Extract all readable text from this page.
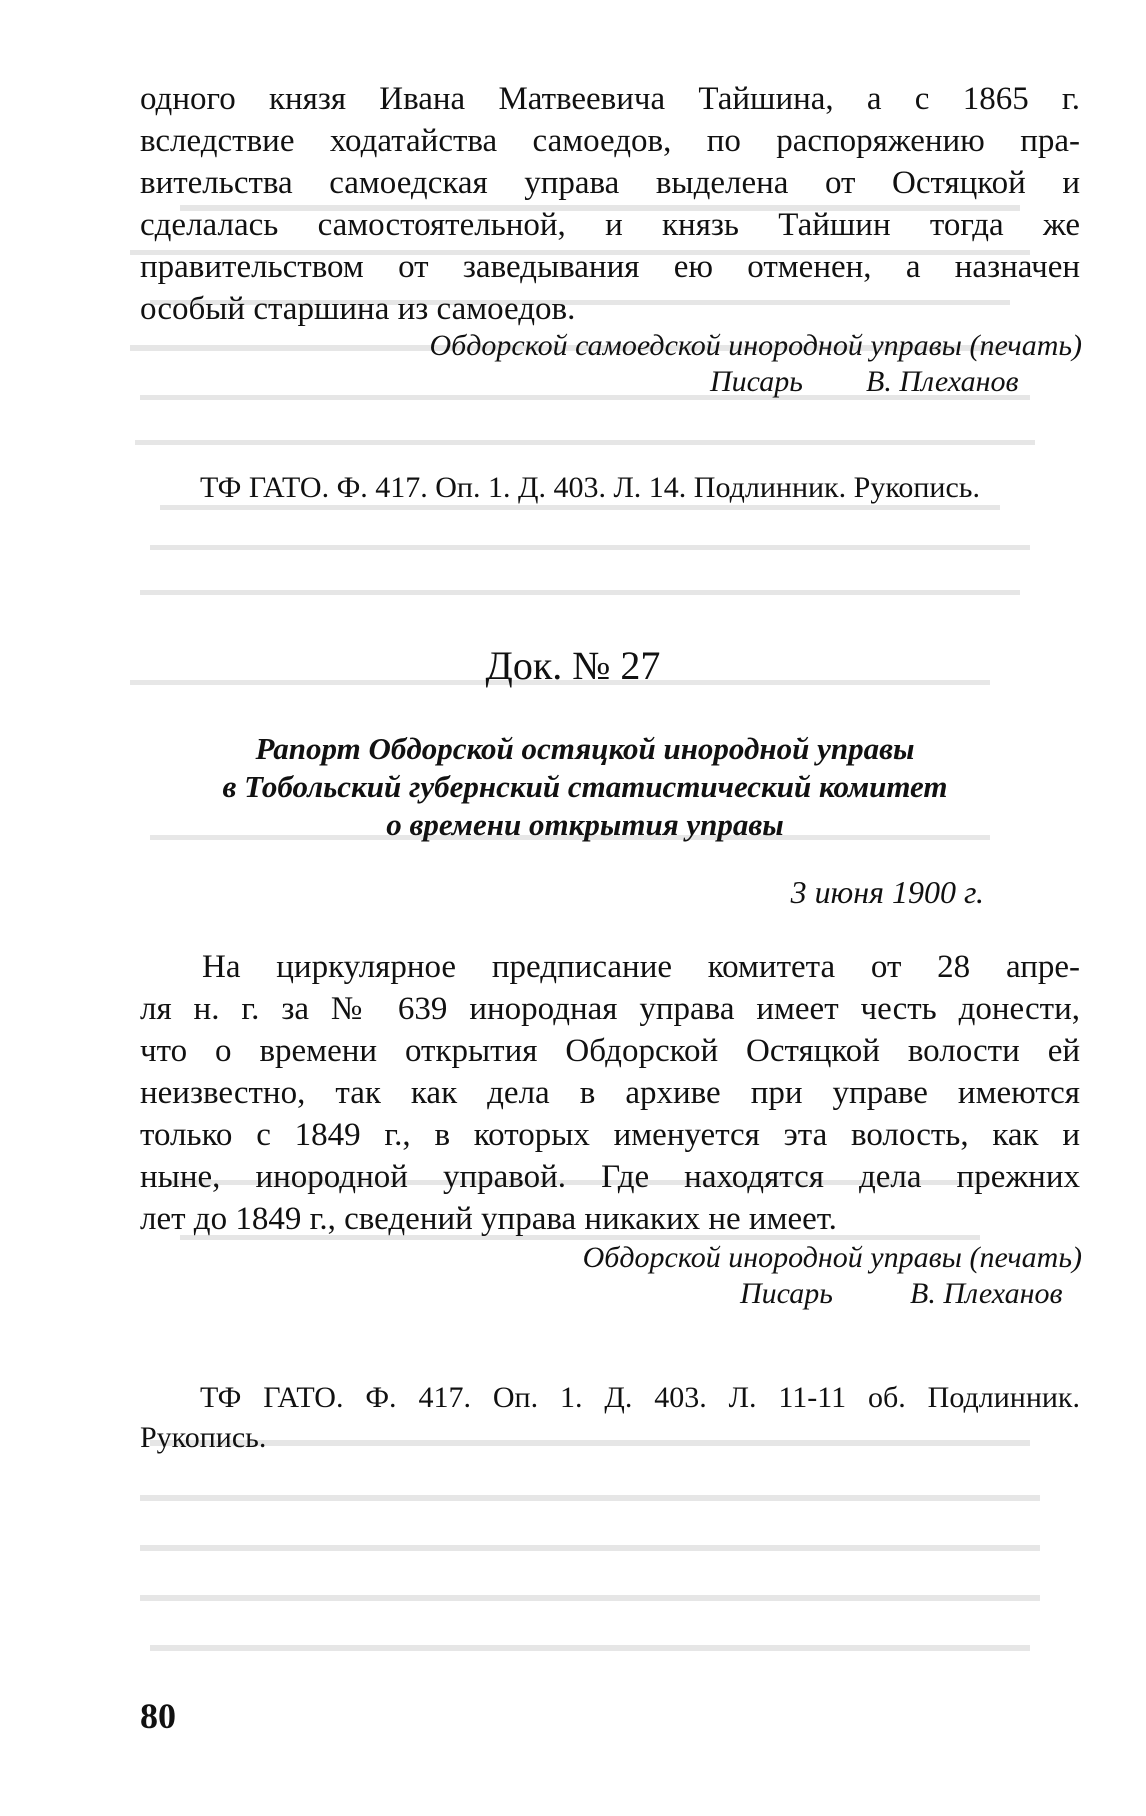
одного князя Ивана Матвеевича Тайшина, а с 1865 г.
вследствие ходатайства самоедов, по распоряжению пра-
вительства самоедская управа выделена от Остяцкой и
сделалась самостоятельной, и князь Тайшин тогда же
правительством от заведывания ею отменен, а назначен
особый старшина из самоедов.
Обдорской самоедской инородной управы (печать)
Писарь В. Плеханов
ТФ ГАТО. Ф. 417. Оп. 1. Д. 403. Л. 14. Подлинник. Рукопись.
Док. № 27
Рапорт Обдорской остяцкой инородной управы
в Тобольский губернский статистический комитет
о времени открытия управы
3 июня 1900 г.
На циркулярное предписание комитета от 28 апре-
ля н. г. за № 639 инородная управа имеет честь донести,
что о времени открытия Обдорской Остяцкой волости ей
неизвестно, так как дела в архиве при управе имеются
только с 1849 г., в которых именуется эта волость, как и
ныне, инородной управой. Где находятся дела прежних
лет до 1849 г., сведений управа никаких не имеет.
Обдорской инородной управы (печать)
Писарь	В. Плеханов
ТФ ГАТО. Ф. 417. Оп. 1. Д. 403. Л. 11-11 об. Подлинник.
Рукопись.
80
